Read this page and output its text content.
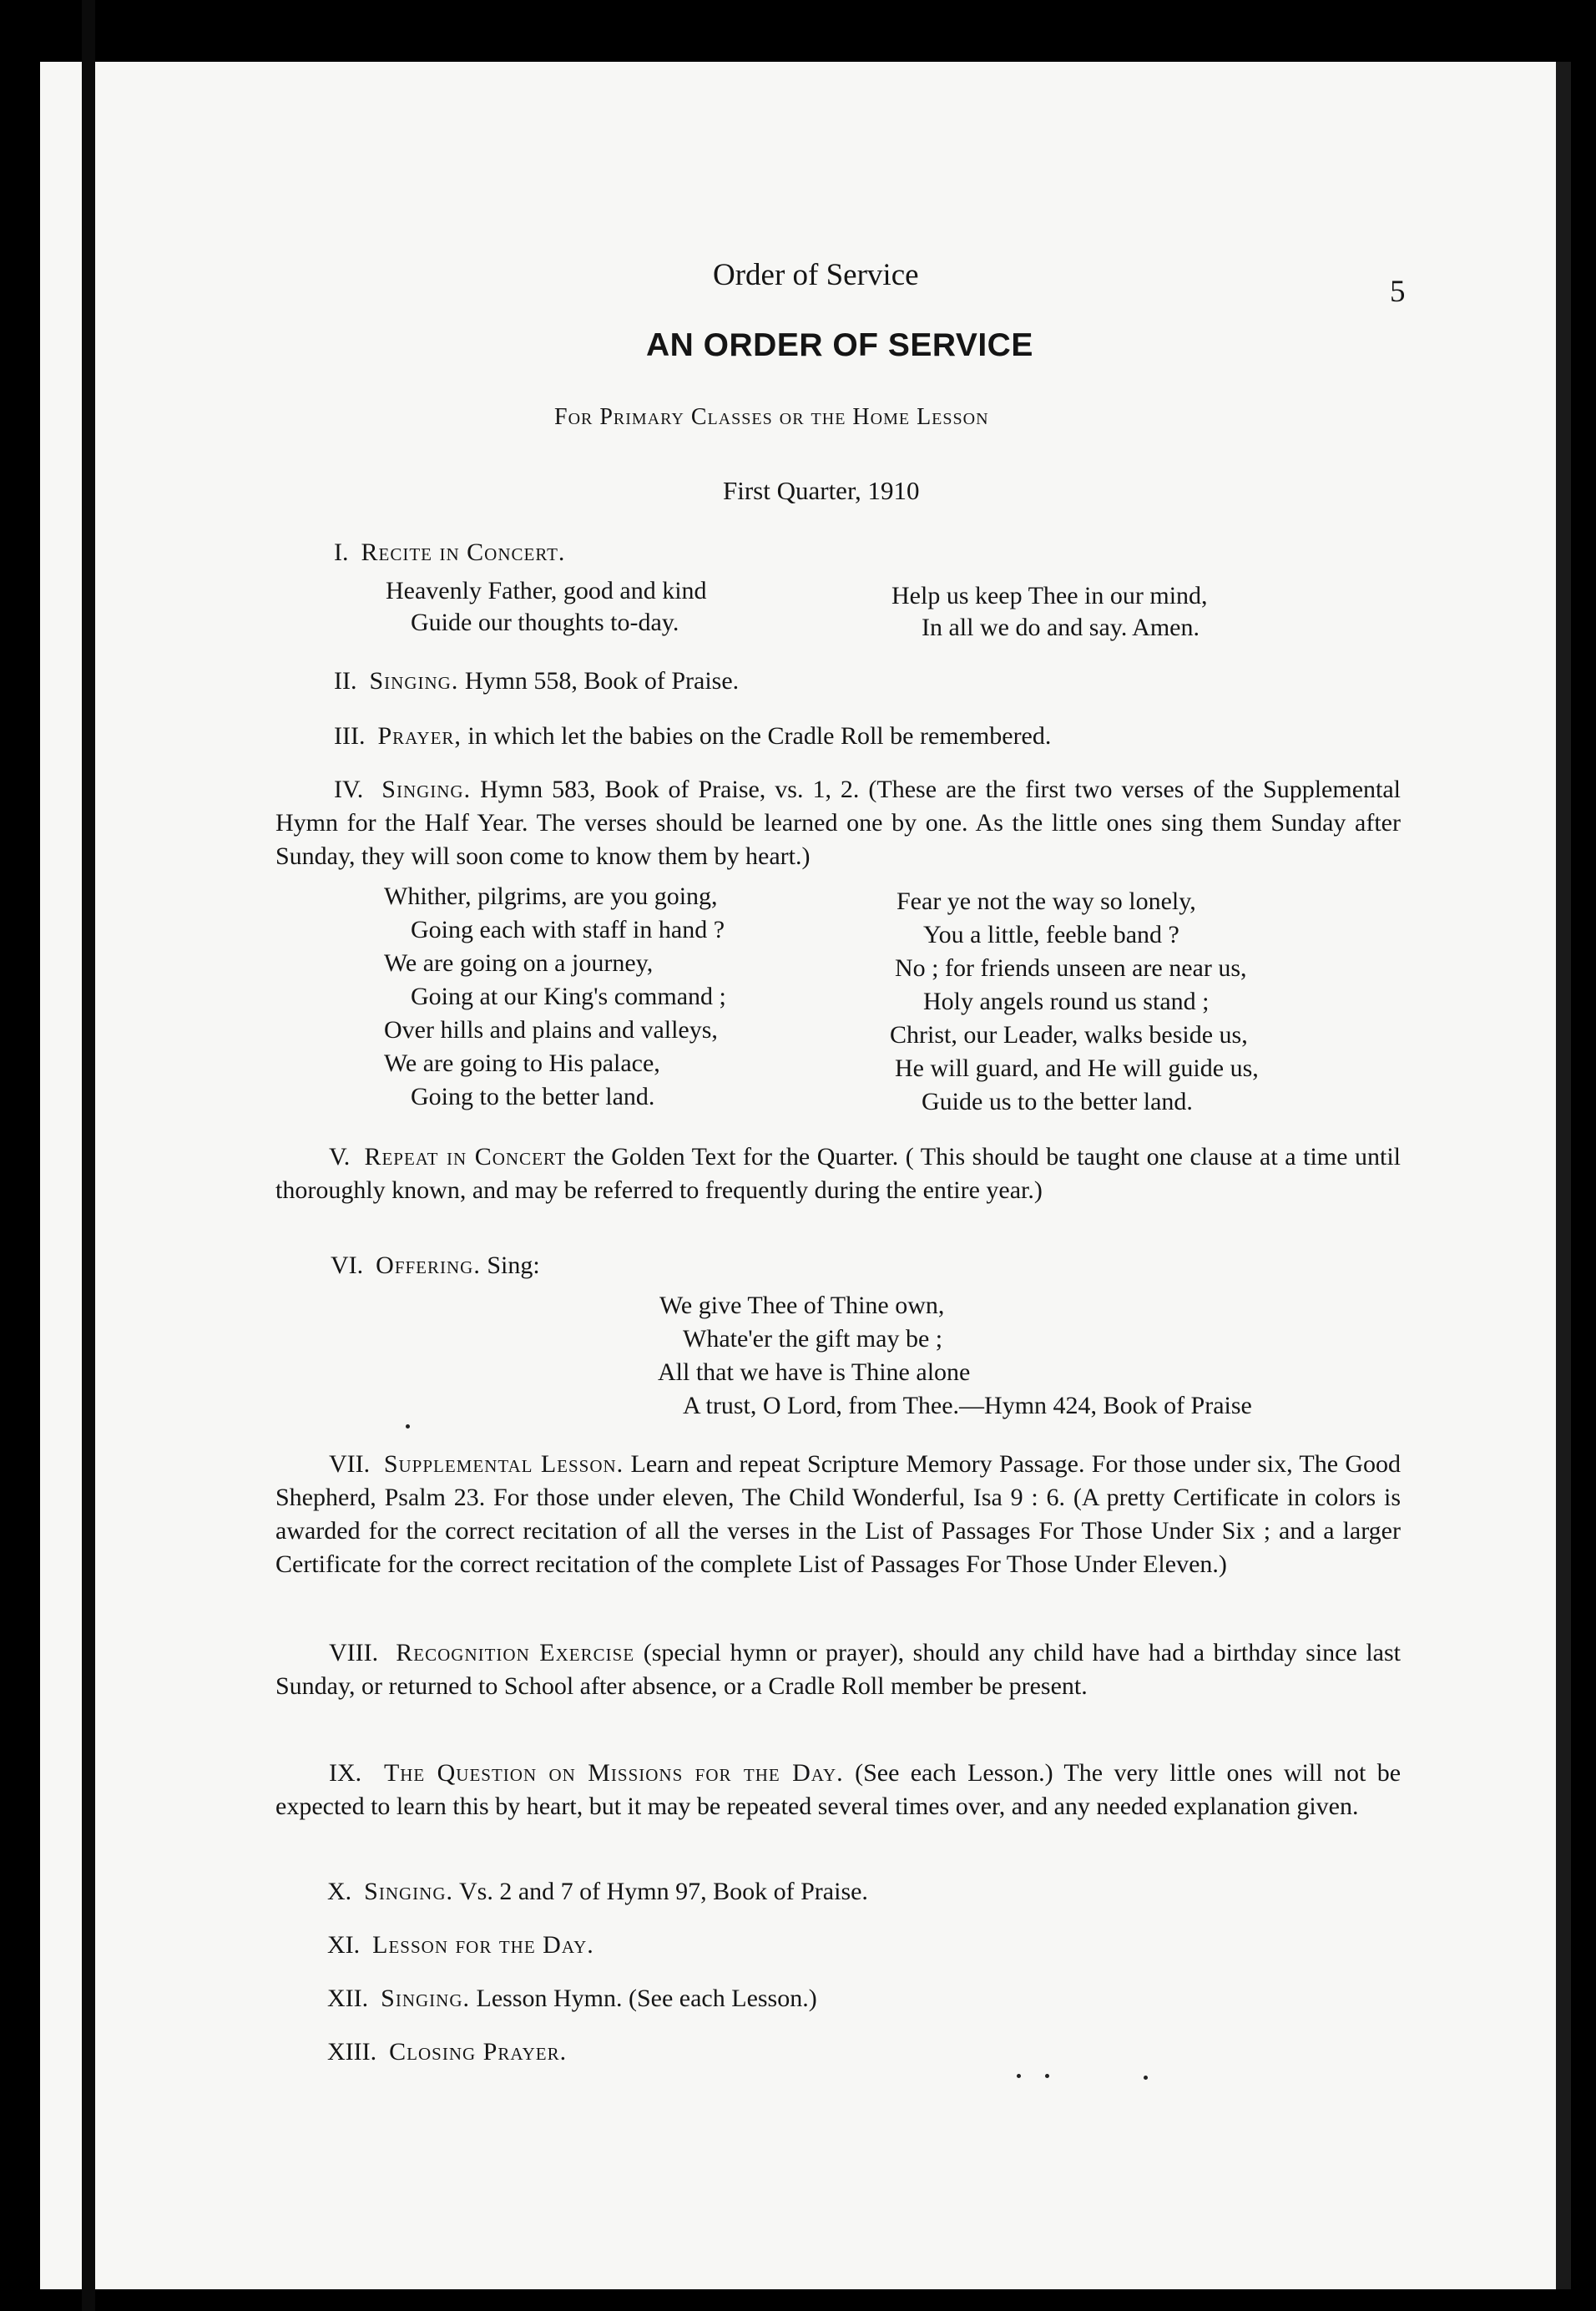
Order of Service	5
AN ORDER OF SERVICE
For Primary Classes or the Home Lesson
First Quarter, 1910
I. Recite in Concert.
Heavenly Father, good and kind
Guide our thoughts to-day.
Help us keep Thee in our mind,
In all we do and say. Amen.
II. Singing. Hymn 558, Book of Praise.
III. Prayer, in which let the babies on the Cradle Roll be remembered.
IV. Singing. Hymn 583, Book of Praise, vs. 1, 2. (These are the first two verses of the Supplemental Hymn for the Half Year. The verses should be learned one by one. As the little ones sing them Sunday after Sunday, they will soon come to know them by heart.)
Whither, pilgrims, are you going,
Going each with staff in hand ?
We are going on a journey,
Going at our King's command ;
Over hills and plains and valleys,
We are going to His palace,
Going to the better land.
Fear ye not the way so lonely,
You a little, feeble band ?
No ; for friends unseen are near us,
Holy angels round us stand ;
Christ, our Leader, walks beside us,
He will guard, and He will guide us,
Guide us to the better land.
V. Repeat in Concert the Golden Text for the Quarter. ( This should be taught one clause at a time until thoroughly known, and may be referred to frequently during the entire year.)
VI. Offering. Sing:
We give Thee of Thine own,
Whate'er the gift may be ;
All that we have is Thine alone
A trust, O Lord, from Thee.—Hymn 424, Book of Praise
VII. Supplemental Lesson. Learn and repeat Scripture Memory Passage. For those under six, The Good Shepherd, Psalm 23. For those under eleven, The Child Wonderful, Isa 9 : 6. (A pretty Certificate in colors is awarded for the correct recitation of all the verses in the List of Passages For Those Under Six ; and a larger Certificate for the correct recitation of the complete List of Passages For Those Under Eleven.)
VIII. Recognition Exercise (special hymn or prayer), should any child have had a birthday since last Sunday, or returned to School after absence, or a Cradle Roll member be present.
IX. The Question on Missions for the Day. (See each Lesson.) The very little ones will not be expected to learn this by heart, but it may be repeated several times over, and any needed explanation given.
X. Singing. Vs. 2 and 7 of Hymn 97, Book of Praise.
XI. Lesson for the Day.
XII. Singing. Lesson Hymn. (See each Lesson.)
XIII. Closing Prayer.
